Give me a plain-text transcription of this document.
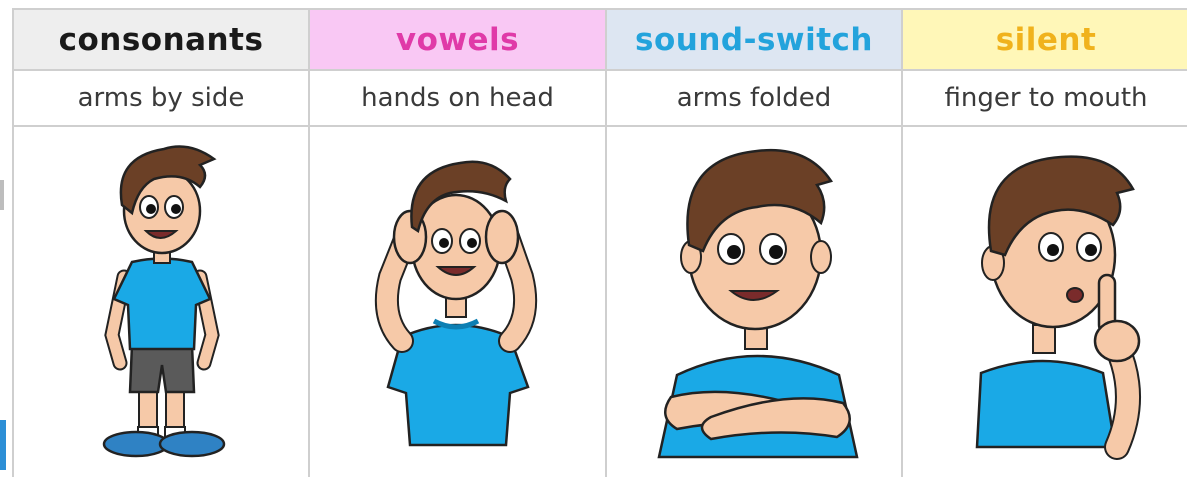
consonants
arms by side
vowels
hands on head
sound-switch
arms folded
silent
finger to mouth
